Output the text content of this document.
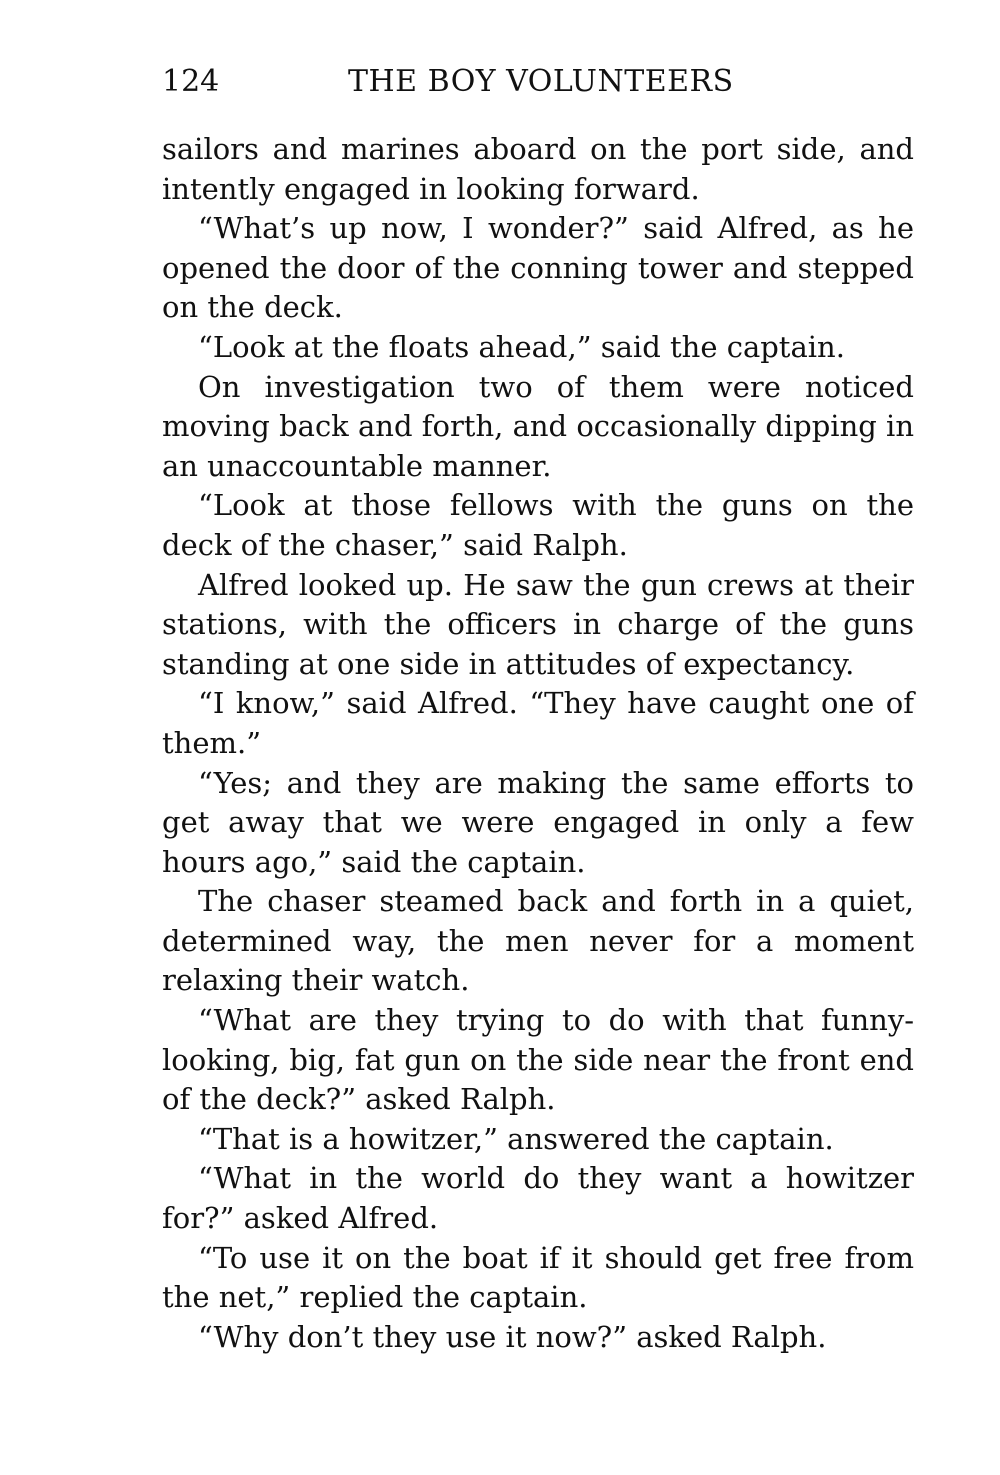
124	THE BOY VOLUNTEERS

sailors and marines aboard on the port side, and intently engaged in looking forward.

“What’s up now, I wonder?” said Alfred, as he opened the door of the conning tower and stepped on the deck.

“Look at the floats ahead,” said the captain.

On investigation two of them were noticed moving back and forth, and occasionally dipping in an unaccountable manner.

“Look at those fellows with the guns on the deck of the chaser,” said Ralph.

Alfred looked up. He saw the gun crews at their stations, with the officers in charge of the guns standing at one side in attitudes of expectancy.

“I know,” said Alfred. “They have caught one of them.”

“Yes; and they are making the same efforts to get away that we were engaged in only a few hours ago,” said the captain.

The chaser steamed back and forth in a quiet, determined way, the men never for a moment relaxing their watch.

“What are they trying to do with that funny-looking, big, fat gun on the side near the front end of the deck?” asked Ralph.

“That is a howitzer,” answered the captain.

“What in the world do they want a howitzer for?” asked Alfred.

“To use it on the boat if it should get free from the net,” replied the captain.

“Why don’t they use it now?” asked Ralph.
